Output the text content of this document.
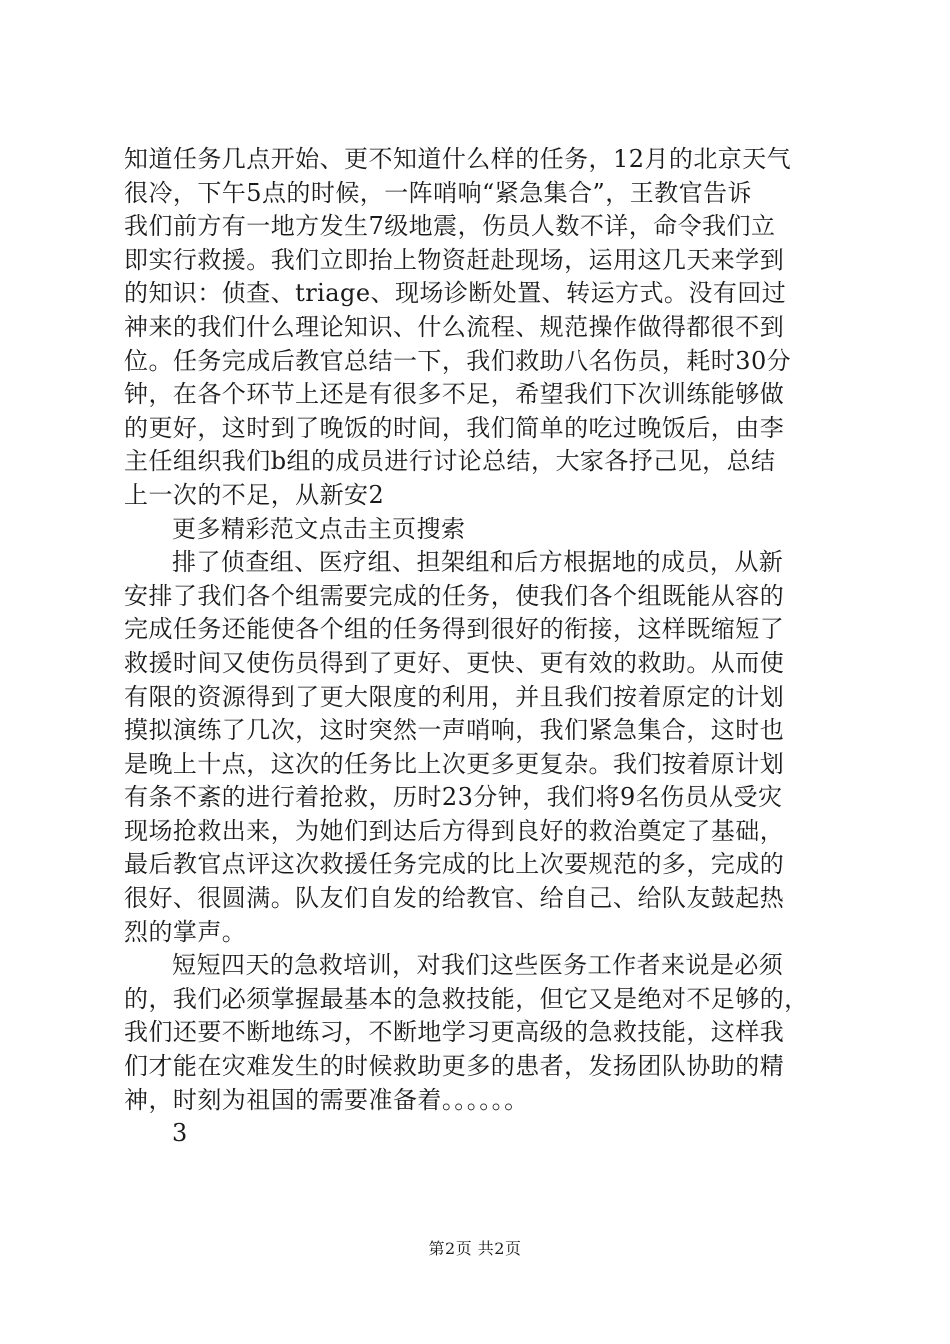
知道任务几点开始、更不知道什么样的任务，12月的北京天气
很冷，下午5点的时候，一阵哨响“紧急集合”，王教官告诉
我们前方有一地方发生7级地震，伤员人数不详，命令我们立
即实行救援。我们立即抬上物资赶赴现场，运用这几天来学到
的知识：侦查、triage、现场诊断处置、转运方式。没有回过
神来的我们什么理论知识、什么流程、规范操作做得都很不到
位。任务完成后教官总结一下，我们救助八名伤员，耗时30分
钟，在各个环节上还是有很多不足，希望我们下次训练能够做
的更好，这时到了晚饭的时间，我们简单的吃过晚饭后，由李
主任组织我们b组的成员进行讨论总结，大家各抒己见，总结
上一次的不足，从新安2
更多精彩范文点击主页搜索
排了侦查组、医疗组、担架组和后方根据地的成员，从新
安排了我们各个组需要完成的任务，使我们各个组既能从容的
完成任务还能使各个组的任务得到很好的衔接，这样既缩短了
救援时间又使伤员得到了更好、更快、更有效的救助。从而使
有限的资源得到了更大限度的利用，并且我们按着原定的计划
摸拟演练了几次，这时突然一声哨响，我们紧急集合，这时也
是晚上十点，这次的任务比上次更多更复杂。我们按着原计划
有条不紊的进行着抢救，历时23分钟，我们将9名伤员从受灾
现场抢救出来，为她们到达后方得到良好的救治奠定了基础，
最后教官点评这次救援任务完成的比上次要规范的多，完成的
很好、很圆满。队友们自发的给教官、给自己、给队友鼓起热
烈的掌声。
短短四天的急救培训，对我们这些医务工作者来说是必须
的，我们必须掌握最基本的急救技能，但它又是绝对不足够的，
我们还要不断地练习，不断地学习更高级的急救技能，这样我
们才能在灾难发生的时候救助更多的患者，发扬团队协助的精
神，时刻为祖国的需要准备着。。。。。。
3
第2页 共2页
